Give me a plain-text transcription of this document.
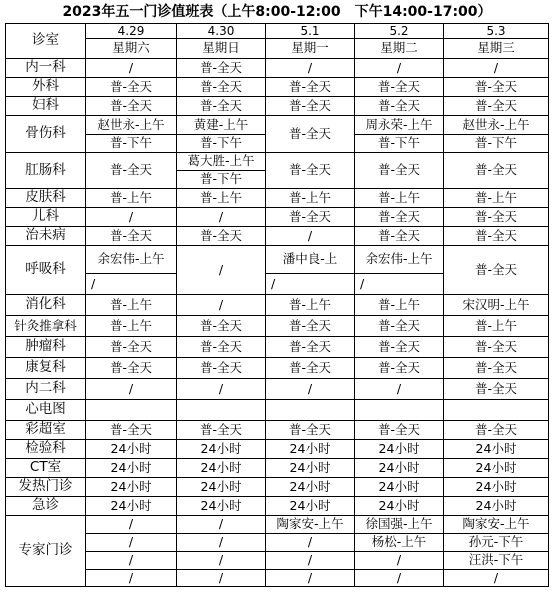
2023年五一门诊值班表（上午8:00-12:00　下午14:00-17:00）
诊室	4.29	4.30	5.1	5.2	5.3
	星期六	星期日	星期一	星期二	星期三
内一科	/	普-全天	/	/	/
外科	普-全天	普-全天	普-全天	普-全天	普-全天
妇科	普-全天	普-全天	普-全天	普-全天	普-全天
骨伤科	赵世永-上午	黄建-上午	普-全天	周永荣-上午	赵世永-上午
	普-下午	普-下午		普-下午	普-下午
肛肠科	普-全天	葛大胜-上午	普-全天	普-全天	普-全天
		普-下午			
皮肤科	普-上午	普-上午	普-上午	普-上午	普-上午
儿科	/	/	普-全天	普-全天	普-全天
治未病	普-全天	普-全天	/	普-全天	普-全天
呼吸科	余宏伟-上午	/	潘中良-上	余宏伟-上午	普-全天
	/		/	/	
消化科	普-上午	/	普-上午	普-上午	宋汉明-上午
针灸推拿科	普-上午	普-全天	普-全天	普-全天	普-上午
肿瘤科	普-全天	普-全天	普-全天	普-全天	普-全天
康复科	普-全天	普-全天	普-全天	普-全天	普-全天
内二科	/	/	/	/	普-全天
心电图					
彩超室	普-全天	普-全天	普-全天	普-全天	普-全天
检验科	24小时	24小时	24小时	24小时	24小时
CT室	24小时	24小时	24小时	24小时	24小时
发热门诊	24小时	24小时	24小时	24小时	24小时
急诊	24小时	24小时	24小时	24小时	24小时
专家门诊	/	/	陶家安-上午	徐国强-上午	陶家安-上午
	/	/	/	杨松-上午	孙元-下午
	/	/	/	/	汪洪-下午
	/	/	/	/	/
